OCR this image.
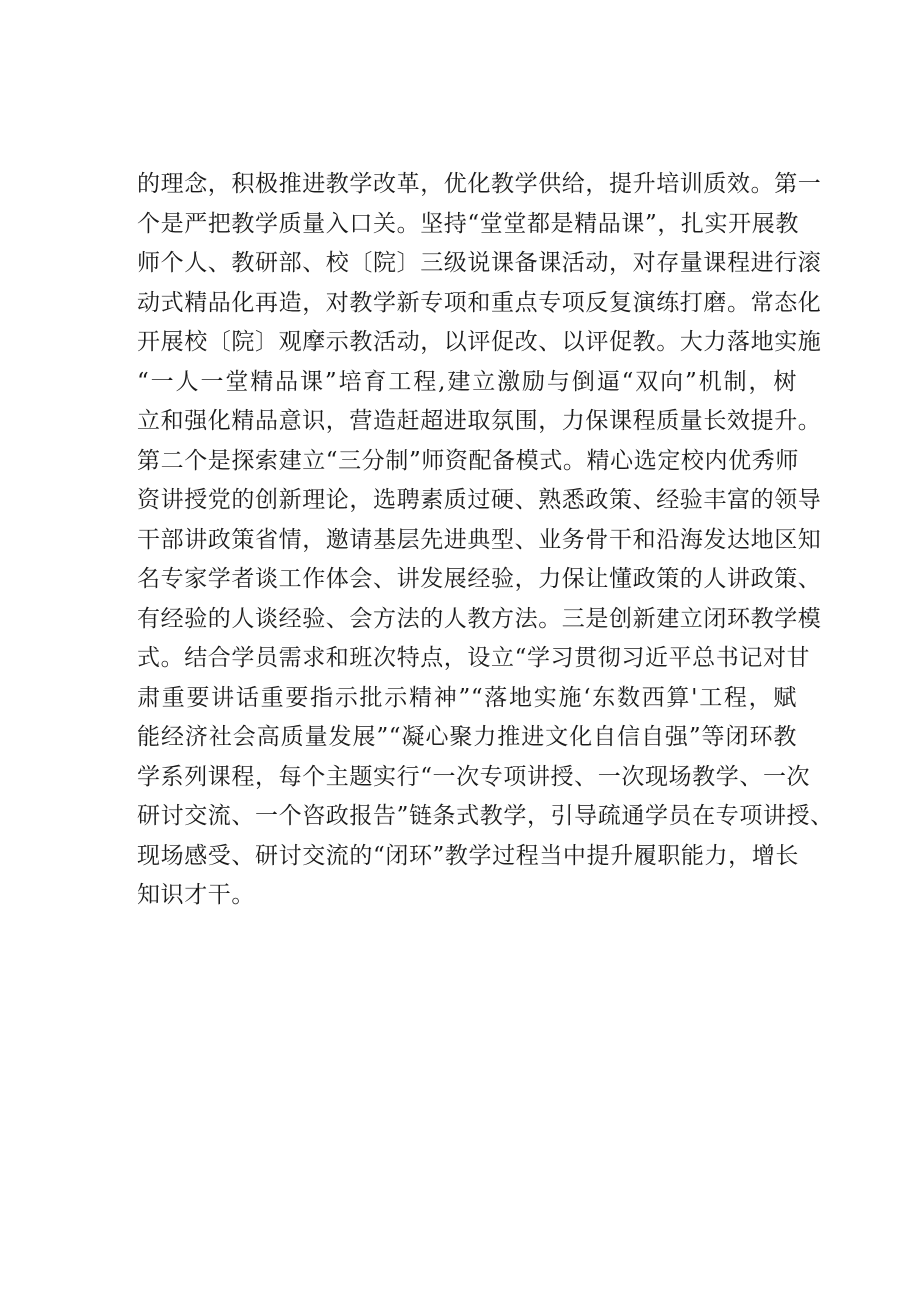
的理念，积极推进教学改革，优化教学供给，提升培训质效。第一
个是严把教学质量入口关。坚持“堂堂都是精品课”，扎实开展教
师个人、教研部、校〔院〕三级说课备课活动，对存量课程进行滚
动式精品化再造，对教学新专项和重点专项反复演练打磨。常态化
开展校〔院〕观摩示教活动，以评促改、以评促教。大力落地实施
“一人一堂精品课”培育工程,建立激励与倒逼“双向”机制，树
立和强化精品意识，营造赶超进取氛围，力保课程质量长效提升。
第二个是探索建立“三分制”师资配备模式。精心选定校内优秀师
资讲授党的创新理论，选聘素质过硬、熟悉政策、经验丰富的领导
干部讲政策省情，邀请基层先进典型、业务骨干和沿海发达地区知
名专家学者谈工作体会、讲发展经验，力保让懂政策的人讲政策、
有经验的人谈经验、会方法的人教方法。三是创新建立闭环教学模
式。结合学员需求和班次特点，设立“学习贯彻习近平总书记对甘
肃重要讲话重要指示批示精神”“落地实施‘东数西算'工程，赋
能经济社会高质量发展”“凝心聚力推进文化自信自强”等闭环教
学系列课程，每个主题实行“一次专项讲授、一次现场教学、一次
研讨交流、一个咨政报告”链条式教学，引导疏通学员在专项讲授、
现场感受、研讨交流的“闭环”教学过程当中提升履职能力，增长
知识才干。
